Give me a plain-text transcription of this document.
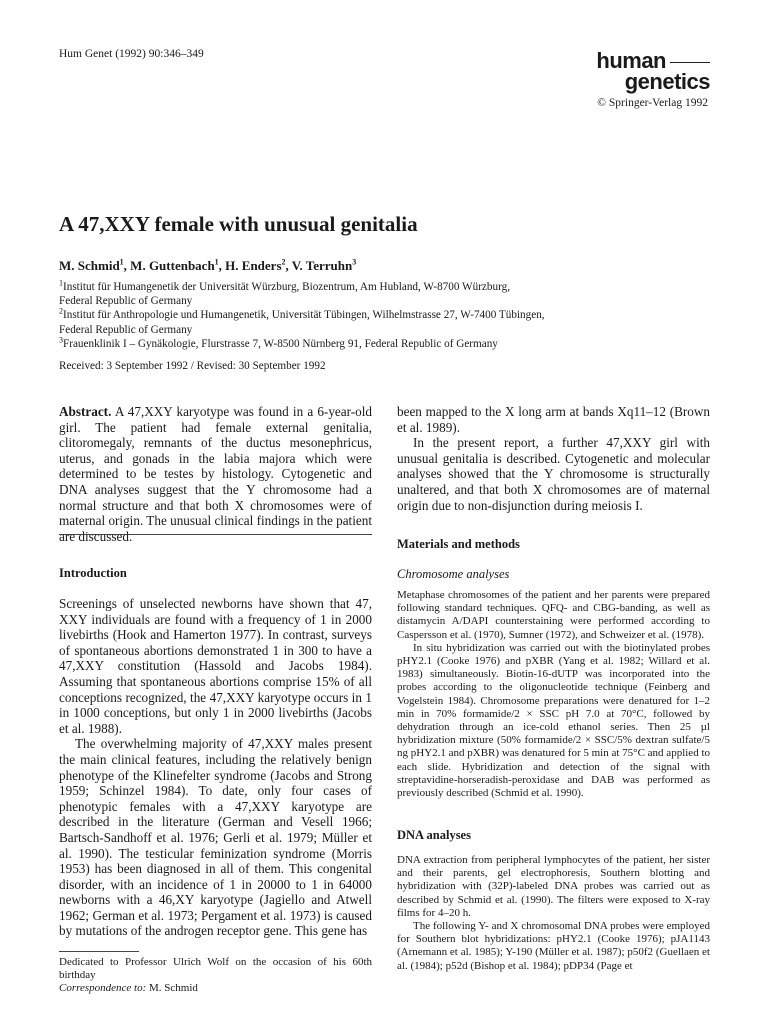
Hum Genet (1992) 90:346–349	human
genetics
© Springer-Verlag 1992
A 47,XXY female with unusual genitalia
M. Schmid$^1$, M. Guttenbach$^1$, H. Enders$^2$, V. Terruhn$^3$
$^1$Institut für Humangenetik der Universität Würzburg, Biozentrum, Am Hubland, W-8700 Würzburg,
Federal Republic of Germany
$^2$Institut für Anthropologie und Humangenetik, Universität Tübingen, Wilhelmstrasse 27, W-7400 Tübingen,
Federal Republic of Germany
$^3$Frauenklinik I – Gynäkologie, Flurstrasse 7, W-8500 Nürnberg 91, Federal Republic of Germany
Received: 3 September 1992 / Revised: 30 September 1992

Abstract. A 47,XXY karyotype was found in a 6-year-old girl. The patient had female external genitalia, clitoromegaly, remnants of the ductus mesonephricus, uterus, and gonads in the labia majora which were determined to be testes by histology. Cytogenetic and DNA analyses suggest that the Y chromosome had a normal structure and that both X chromosomes were of maternal origin. The unusual clinical findings in the patient are discussed.

Introduction

Screenings of unselected newborns have shown that 47, XXY individuals are found with a frequency of 1 in 2000 livebirths (Hook and Hamerton 1977). In contrast, surveys of spontaneous abortions demonstrated 1 in 300 to have a 47,XXY constitution (Hassold and Jacobs 1984). Assuming that spontaneous abortions comprise 15% of all conceptions recognized, the 47,XXY karyotype occurs in 1 in 1000 conceptions, but only 1 in 2000 livebirths (Jacobs et al. 1988).

The overwhelming majority of 47,XXY males present the main clinical features, including the relatively benign phenotype of the Klinefelter syndrome (Jacobs and Strong 1959; Schinzel 1984). To date, only four cases of phenotypic females with a 47,XXY karyotype are described in the literature (German and Vesell 1966; Bartsch-Sandhoff et al. 1976; Gerli et al. 1979; Müller et al. 1990). The testicular feminization syndrome (Morris 1953) has been diagnosed in all of them. This congenital disorder, with an incidence of 1 in 20000 to 1 in 64000 newborns with a 46,XY karyotype (Jagiello and Atwell 1962; German et al. 1973; Pergament et al. 1973) is caused by mutations of the androgen receptor gene. This gene has

Dedicated to Professor Ulrich Wolf on the occasion of his 60th birthday

Correspondence to: M. Schmid

been mapped to the X long arm at bands Xq11–12 (Brown et al. 1989).

In the present report, a further 47,XXY girl with unusual genitalia is described. Cytogenetic and molecular analyses showed that the Y chromosome is structurally unaltered, and that both X chromosomes are of maternal origin due to non-disjunction during meiosis I.

Materials and methods
Chromosome analyses

Metaphase chromosomes of the patient and her parents were prepared following standard techniques. QFQ- and CBG-banding, as well as distamycin A/DAPI counterstaining were performed according to Caspersson et al. (1970), Sumner (1972), and Schweizer et al. (1978).

In situ hybridization was carried out with the biotinylated probes pHY2.1 (Cooke 1976) and pXBR (Yang et al. 1982; Willard et al. 1983) simultaneously. Biotin-16-dUTP was incorporated into the probes according to the oligonucleotide technique (Feinberg and Vogelstein 1984). Chromosome preparations were denatured for 1–2 min in 70% formamide/2 × SSC pH 7.0 at 70°C, followed by dehydration through an ice-cold ethanol series. Then 25 µl hybridization mixture (50% formamide/2 × SSC/5% dextran sulfate/5 ng pHY2.1 and pXBR) was denatured for 5 min at 75°C and applied to each slide. Hybridization and detection of the signal with streptavidine-horseradish-peroxidase and DAB was performed as previously described (Schmid et al. 1990).

DNA analyses

DNA extraction from peripheral lymphocytes of the patient, her sister and their parents, gel electrophoresis, Southern blotting and hybridization with (32P)-labeled DNA probes was carried out as described by Schmid et al. (1990). The filters were exposed to X-ray films for 4–20 h.

The following Y- and X chromosomal DNA probes were employed for Southern blot hybridizations: pHY2.1 (Cooke 1976); pJA1143 (Arnemann et al. 1985); Y-190 (Müller et al. 1987); p50f2 (Guellaen et al. (1984); p52d (Bishop et al. 1984); pDP34 (Page et
